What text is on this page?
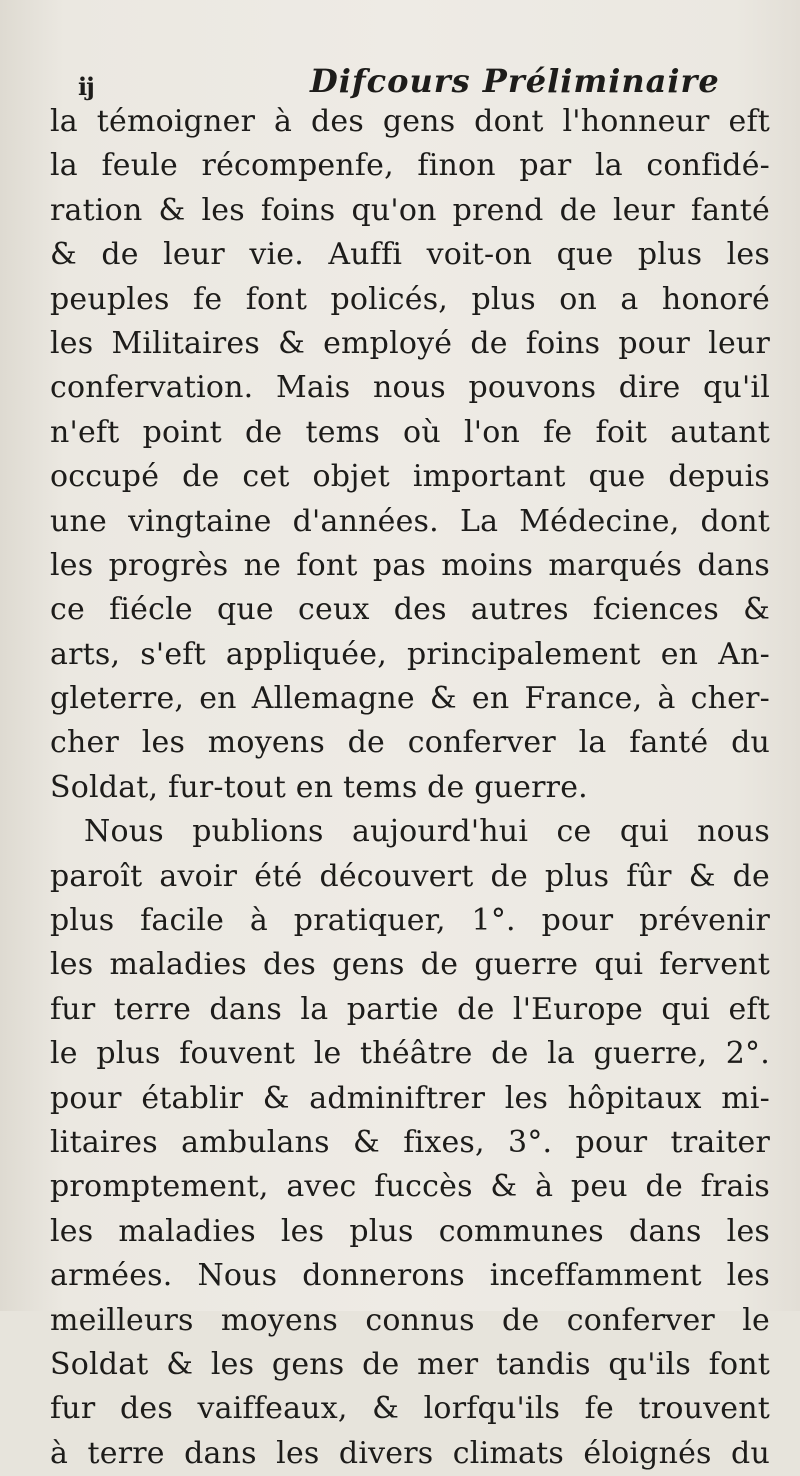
ij	Difcours Préliminaire
la témoigner à des gens dont l'honneur eft
la feule récompenfe, finon par la confidé-
ration & les foins qu'on prend de leur fanté
& de leur vie. Auffi voit-on que plus les
peuples fe font policés, plus on a honoré
les Militaires & employé de foins pour leur
confervation. Mais nous pouvons dire qu'il
n'eft point de tems où l'on fe foit autant
occupé de cet objet important que depuis
une vingtaine d'années. La Médecine, dont
les progrès ne font pas moins marqués dans
ce fiécle que ceux des autres fciences &
arts, s'eft appliquée, principalement en An-
gleterre, en Allemagne & en France, à cher-
cher les moyens de conferver la fanté du
Soldat, fur-tout en tems de guerre.
Nous publions aujourd'hui ce qui nous
paroît avoir été découvert de plus fûr & de
plus facile à pratiquer, 1°. pour prévenir
les maladies des gens de guerre qui fervent
fur terre dans la partie de l'Europe qui eft
le plus fouvent le théâtre de la guerre, 2°.
pour établir & adminiftrer les hôpitaux mi-
litaires ambulans & fixes, 3°. pour traiter
promptement, avec fuccès & à peu de frais
les maladies les plus communes dans les
armées. Nous donnerons inceffamment les
meilleurs moyens connus de conferver le
Soldat & les gens de mer tandis qu'ils font
fur des vaiffeaux, & lorfqu'ils fe trouvent
à terre dans les divers climats éloignés du
